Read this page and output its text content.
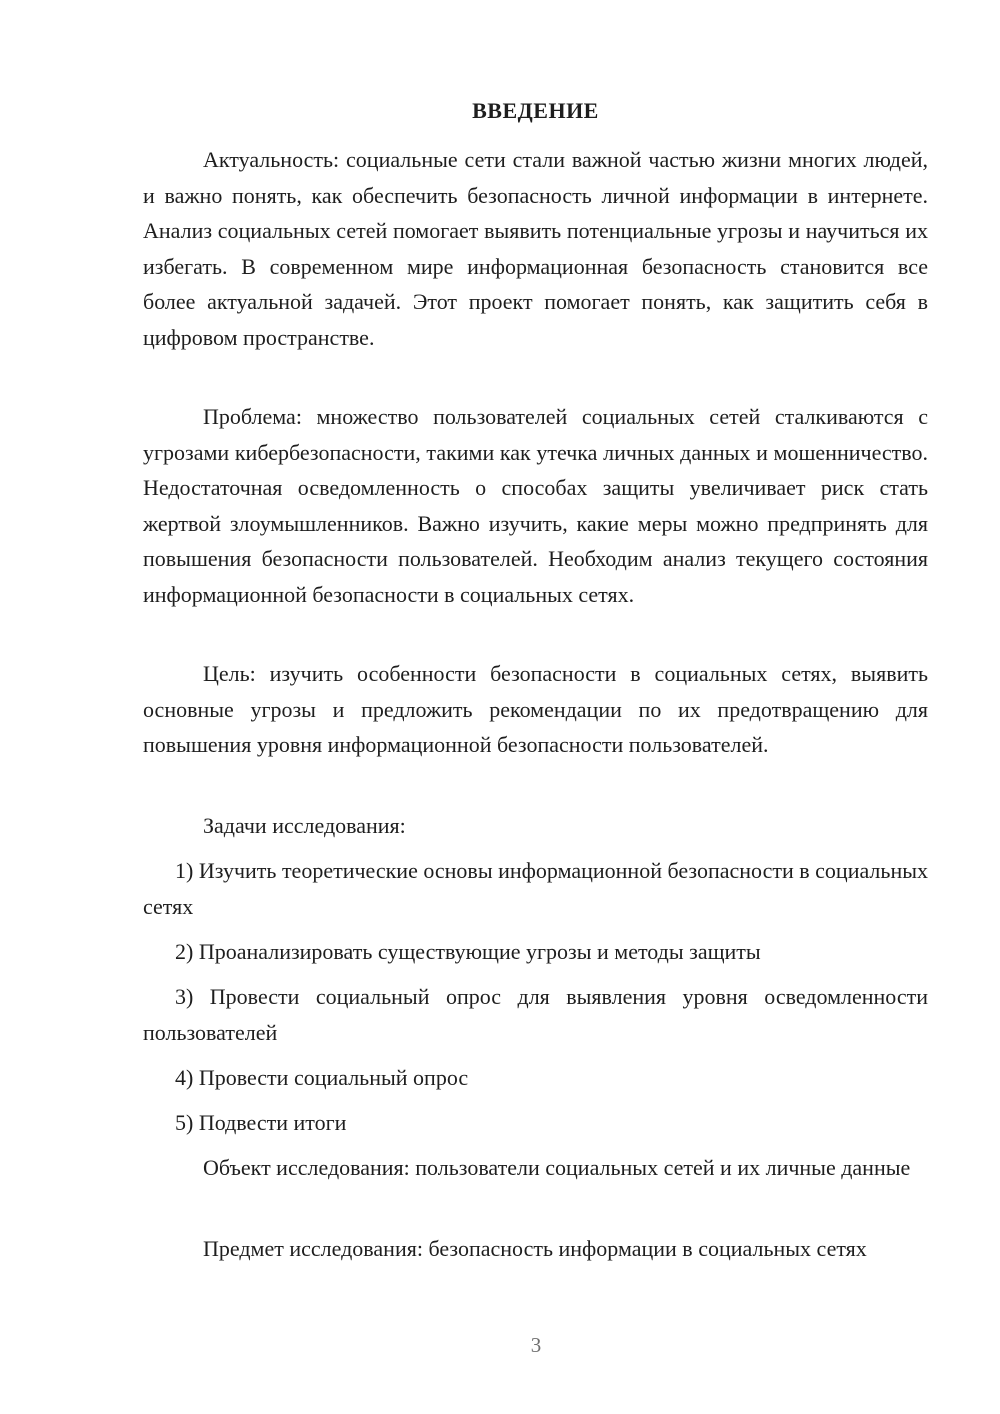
ВВЕДЕНИЕ

Актуальность: социальные сети стали важной частью жизни многих людей, и важно понять, как обеспечить безопасность личной информации в интернете. Анализ социальных сетей помогает выявить потенциальные угрозы и научиться их избегать. В современном мире информационная безопасность становится все более актуальной задачей. Этот проект помогает понять, как защитить себя в цифровом пространстве.

Проблема: множество пользователей социальных сетей сталкиваются с угрозами кибербезопасности, такими как утечка личных данных и мошенничество. Недостаточная осведомленность о способах защиты увеличивает риск стать жертвой злоумышленников. Важно изучить, какие меры можно предпринять для повышения безопасности пользователей. Необходим анализ текущего состояния информационной безопасности в социальных сетях.

Цель: изучить особенности безопасности в социальных сетях, выявить основные угрозы и предложить рекомендации по их предотвращению для повышения уровня информационной безопасности пользователей.

Задачи исследования:

1) Изучить теоретические основы информационной безопасности в социальных сетях

2) Проанализировать существующие угрозы и методы защиты

3) Провести социальный опрос для выявления уровня осведомленности пользователей

4) Провести социальный опрос

5) Подвести итоги

Объект исследования: пользователи социальных сетей и их личные данные

Предмет исследования: безопасность информации в социальных сетях

3
